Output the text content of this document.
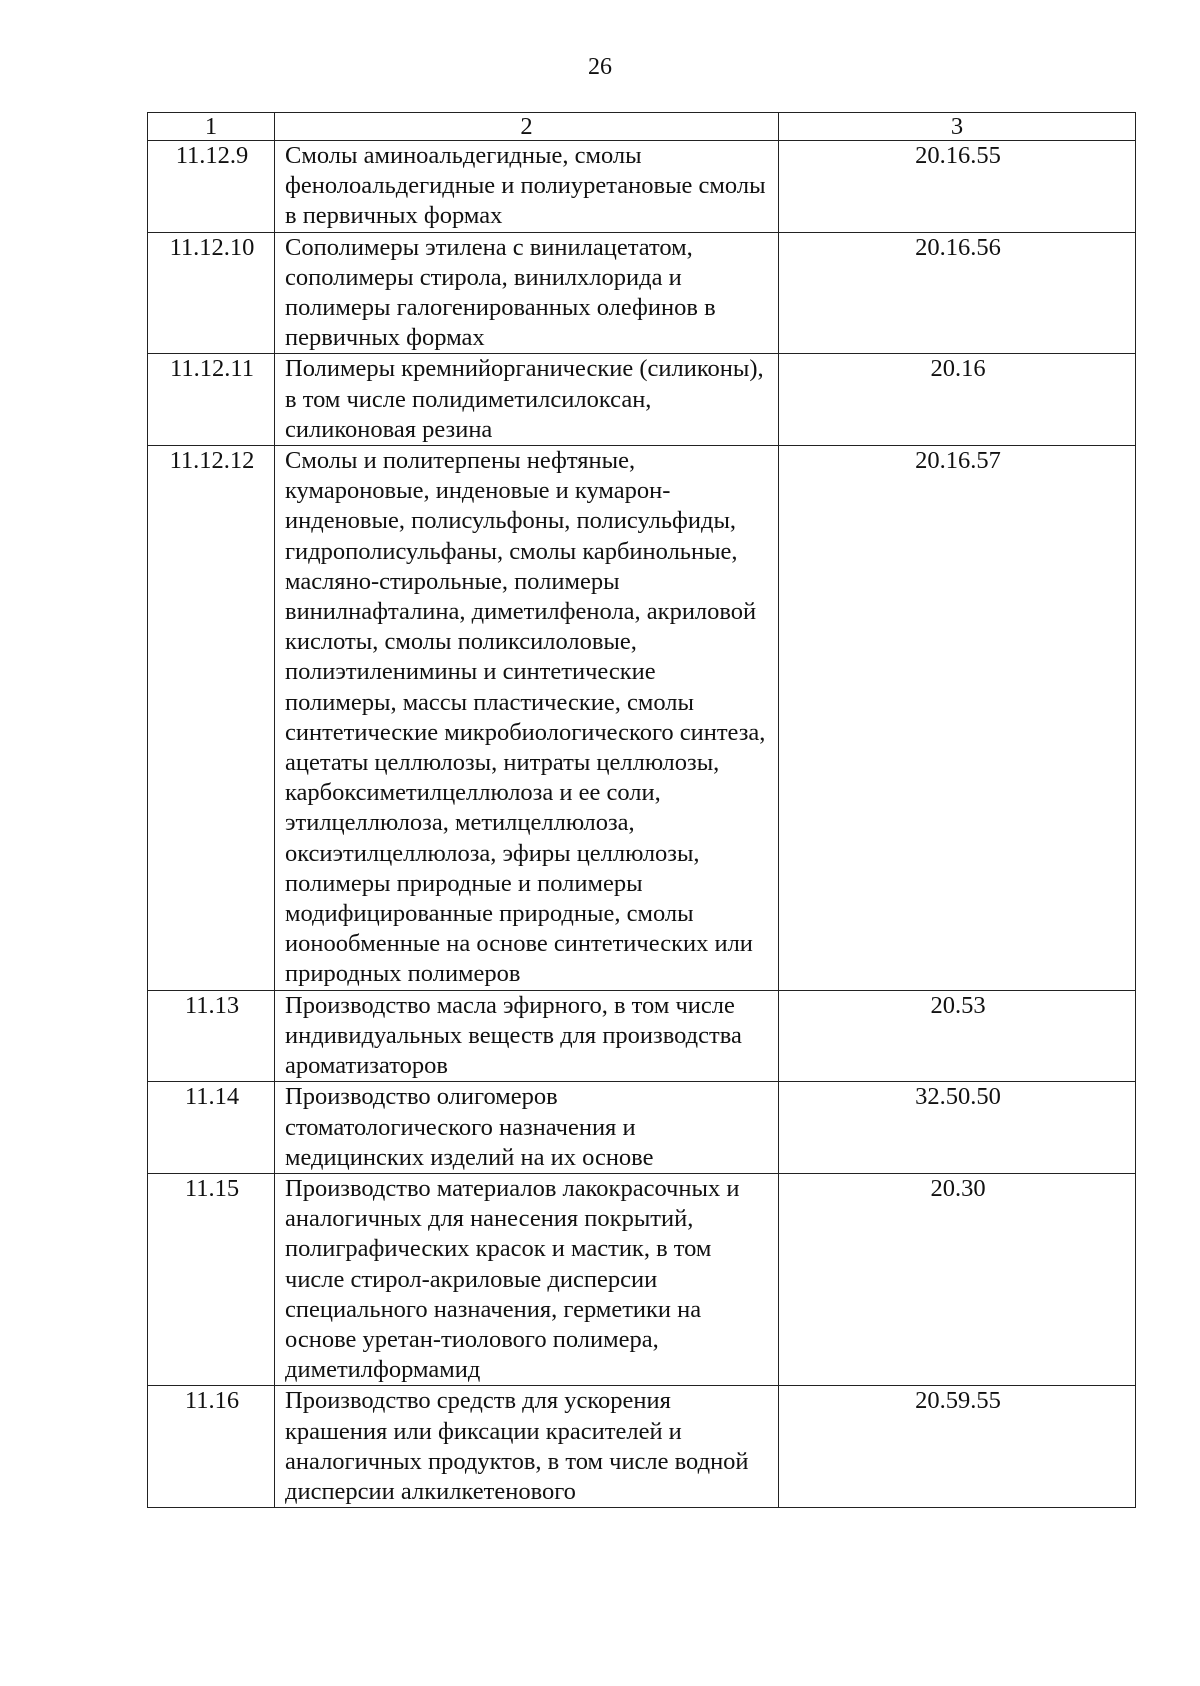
26
1	2	3
11.12.9	Смолы аминоальдегидные, смолы фенолоальдегидные и полиуретановые смолы в первичных формах	20.16.55
11.12.10	Сополимеры этилена с винилацетатом, сополимеры стирола, винилхлорида и полимеры галогенированных олефинов в первичных формах	20.16.56
11.12.11	Полимеры кремнийорганические (силиконы), в том числе полидиметилсилоксан, силиконовая резина	20.16
11.12.12	Смолы и политерпены нефтяные, кумароновые, инденовые и кумарон-инденовые, полисульфоны, полисульфиды, гидрополисульфаны, смолы карбинольные, масляно-стирольные, полимеры винилнафталина, диметилфенола, акриловой кислоты, смолы поликсилоловые, полиэтиленимины и синтетические полимеры, массы пластические, смолы синтетические микробиологического синтеза, ацетаты целлюлозы, нитраты целлюлозы, карбоксиметилцеллюлоза и ее соли, этилцеллюлоза, метилцеллюлоза, оксиэтилцеллюлоза, эфиры целлюлозы, полимеры природные и полимеры модифицированные природные, смолы ионообменные на основе синтетических или природных полимеров	20.16.57
11.13	Производство масла эфирного, в том числе индивидуальных веществ для производства ароматизаторов	20.53
11.14	Производство олигомеров стоматологического назначения и медицинских изделий на их основе	32.50.50
11.15	Производство материалов лакокрасочных и аналогичных для нанесения покрытий, полиграфических красок и мастик, в том числе стирол-акриловые дисперсии специального назначения, герметики на основе уретан-тиолового полимера, диметилформамид	20.30
11.16	Производство средств для ускорения крашения или фиксации красителей и аналогичных продуктов, в том числе водной дисперсии алкилкетенового	20.59.55
